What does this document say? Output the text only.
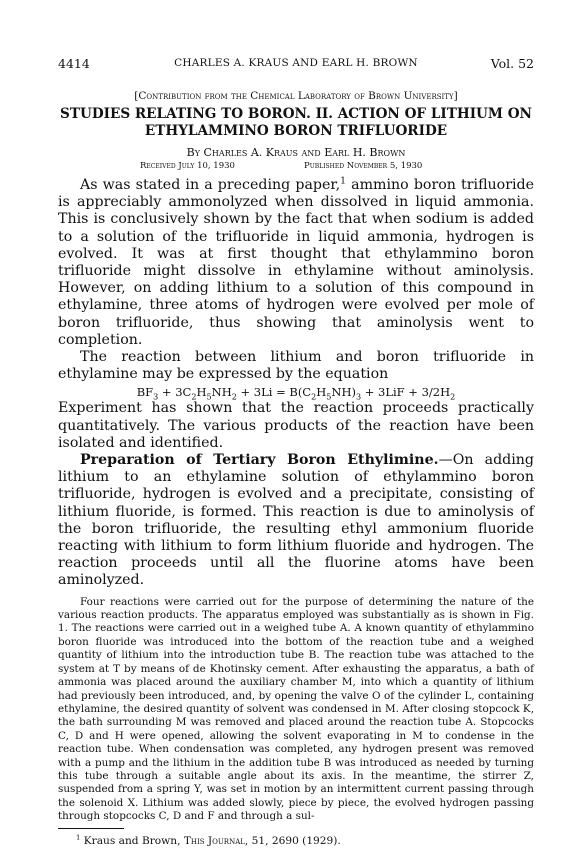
4414	CHARLES A. KRAUS AND EARL H. BROWN	Vol. 52
[Contribution from the Chemical Laboratory of Brown University]
STUDIES RELATING TO BORON. II. ACTION OF LITHIUM ON
ETHYLAMMINO BORON TRIFLUORIDE
By Charles A. Kraus and Earl H. Brown
Received July 10, 1930	Published November 5, 1930

As was stated in a preceding paper,$^1$ ammino boron trifluoride is appreciably ammonolyzed when dissolved in liquid ammonia. This is conclusively shown by the fact that when sodium is added to a solution of the trifluoride in liquid ammonia, hydrogen is evolved. It was at first thought that ethylammino boron trifluoride might dissolve in ethylamine without aminolysis. However, on adding lithium to a solution of this compound in ethylamine, three atoms of hydrogen were evolved per mole of boron trifluoride, thus showing that aminolysis went to completion.

The reaction between lithium and boron trifluoride in ethylamine may be expressed by the equation

$BF_3 + 3C_2H_5NH_2 + 3Li = B(C_2H_5NH)_3 + 3LiF + 3/2H_2$

Experiment has shown that the reaction proceeds practically quantitatively. The various products of the reaction have been isolated and identified.

Preparation of Tertiary Boron Ethylimine.—On adding lithium to an ethylamine solution of ethylammino boron trifluoride, hydrogen is evolved and a precipitate, consisting of lithium fluoride, is formed. This reaction is due to aminolysis of the boron trifluoride, the resulting ethyl ammonium fluoride reacting with lithium to form lithium fluoride and hydrogen. The reaction proceeds until all the fluorine atoms have been aminolyzed.

Four reactions were carried out for the purpose of determining the nature of the various reaction products. The apparatus employed was substantially as is shown in Fig. 1. The reactions were carried out in a weighed tube A. A known quantity of ethylammino boron fluoride was introduced into the bottom of the reaction tube and a weighed quantity of lithium into the introduction tube B. The reaction tube was attached to the system at T by means of de Khotinsky cement. After exhausting the apparatus, a bath of ammonia was placed around the auxiliary chamber M, into which a quantity of lithium had previously been introduced, and, by opening the valve O of the cylinder L, containing ethylamine, the desired quantity of solvent was condensed in M. After closing stopcock K, the bath surrounding M was removed and placed around the reaction tube A. Stopcocks C, D and H were opened, allowing the solvent evaporating in M to condense in the reaction tube. When condensation was completed, any hydrogen present was removed with a pump and the lithium in the addition tube B was introduced as needed by turning this tube through a suitable angle about its axis. In the meantime, the stirrer Z, suspended from a spring Y, was set in motion by an intermittent current passing through the solenoid X. Lithium was added slowly, piece by piece, the evolved hydrogen passing through stopcocks C, D and F and through a sul-

$^1$ Kraus and Brown, This Journal, 51, 2690 (1929).
